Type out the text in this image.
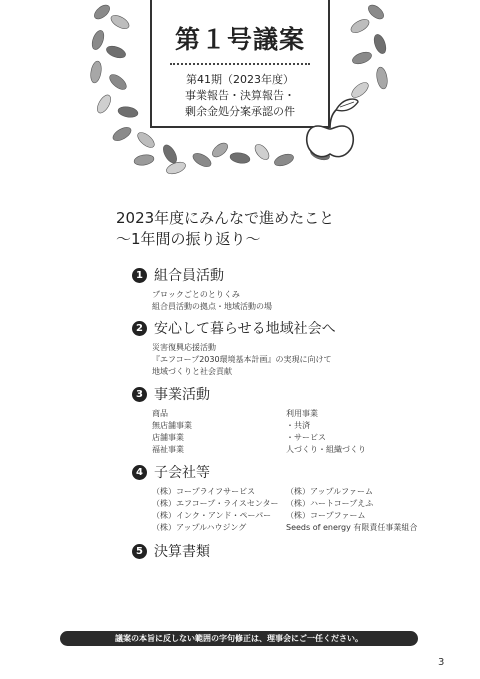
第１号議案
第41期（2023年度）
事業報告・決算報告・
剰余金処分案承認の件
2023年度にみんなで進めたこと
〜1年間の振り返り〜
1 組合員活動
ブロックごとのとりくみ
組合員活動の拠点・地域活動の場
2 安心して暮らせる地域社会へ
災害復興応援活動
『エフコープ2030環境基本計画』の実現に向けて
地域づくりと社会貢献
3 事業活動
商品
無店舗事業
店舗事業
福祉事業
利用事業
・共済
・サービス
人づくり・組織づくり
4 子会社等
（株）コープライフサービス
（株）エフコープ・ライスセンター
（株）インク・アンド・ペーパー
（株）アップルハウジング
（株）アップルファーム
（株）ハートコープえふ
（株）コープファーム
Seeds of energy 有限責任事業組合
5 決算書類
議案の本旨に反しない範囲の字句修正は、理事会にご一任ください。
3
